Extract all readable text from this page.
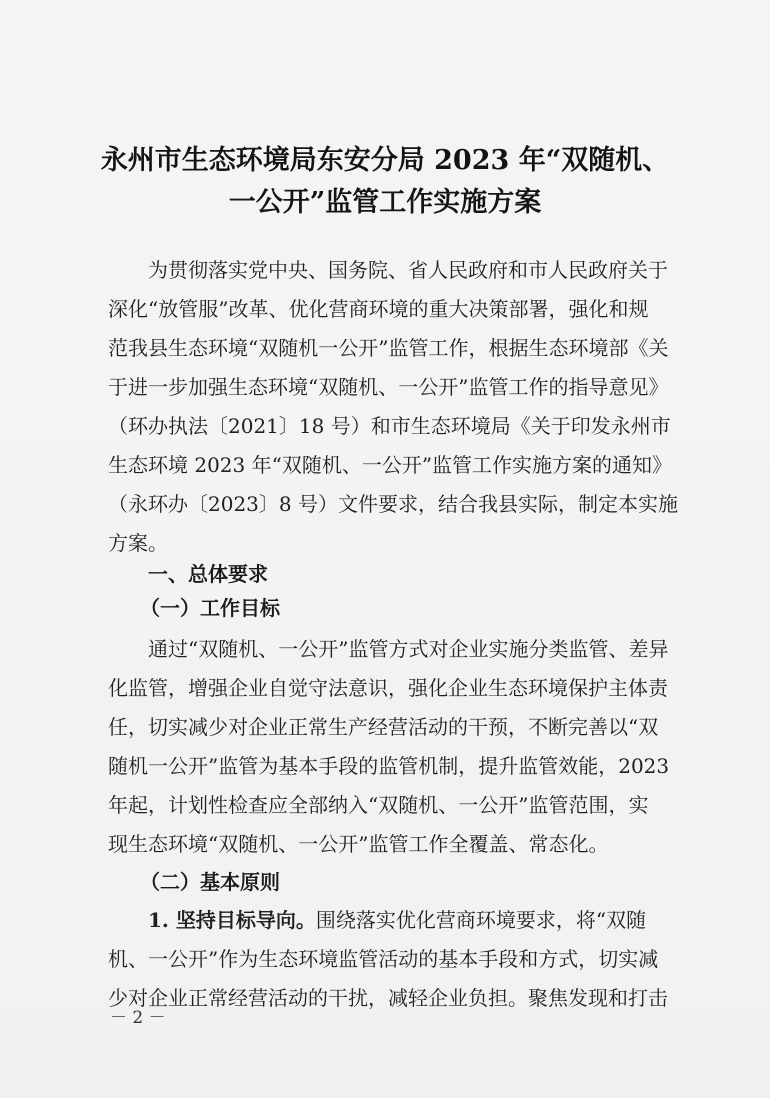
永州市生态环境局东安分局 2023 年“双随机、
一公开”监管工作实施方案
为贯彻落实党中央、国务院、省人民政府和市人民政府关于
深化“放管服”改革、优化营商环境的重大决策部署，强化和规
范我县生态环境“双随机一公开”监管工作，根据生态环境部《关
于进一步加强生态环境“双随机、一公开”监管工作的指导意见》
（环办执法〔2021〕18 号）和市生态环境局《关于印发永州市
生态环境 2023 年“双随机、一公开”监管工作实施方案的通知》
（永环办〔2023〕8 号）文件要求，结合我县实际，制定本实施
方案。
一、总体要求
（一）工作目标
通过“双随机、一公开”监管方式对企业实施分类监管、差异
化监管，增强企业自觉守法意识，强化企业生态环境保护主体责
任，切实减少对企业正常生产经营活动的干预，不断完善以“双
随机一公开”监管为基本手段的监管机制，提升监管效能，2023
年起，计划性检查应全部纳入“双随机、一公开”监管范围，实
现生态环境“双随机、一公开”监管工作全覆盖、常态化。
（二）基本原则
1. 坚持目标导向。围绕落实优化营商环境要求，将“双随
机、一公开”作为生态环境监管活动的基本手段和方式，切实减
少对企业正常经营活动的干扰，减轻企业负担。聚焦发现和打击
－ 2 －
